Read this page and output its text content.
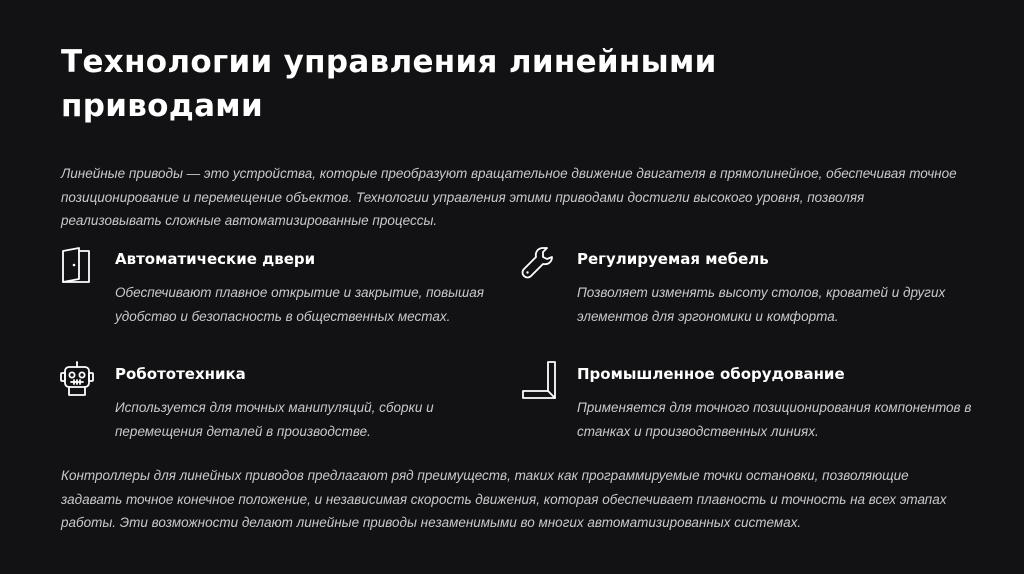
Технологии управления линейными приводами

Линейные приводы — это устройства, которые преобразуют вращательное движение двигателя в прямолинейное, обеспечивая точное позиционирование и перемещение объектов. Технологии управления этими приводами достигли высокого уровня, позволяя реализовывать сложные автоматизированные процессы.

Автоматические двери
Обеспечивают плавное открытие и закрытие, повышая удобство и безопасность в общественных местах.
Регулируемая мебель
Позволяет изменять высоту столов, кроватей и других элементов для эргономики и комфорта.
Робототехника
Используется для точных манипуляций, сборки и перемещения деталей в производстве.
Промышленное оборудование
Применяется для точного позиционирования компонентов в станках и производственных линиях.

Контроллеры для линейных приводов предлагают ряд преимуществ, таких как программируемые точки остановки, позволяющие задавать точное конечное положение, и независимая скорость движения, которая обеспечивает плавность и точность на всех этапах работы. Эти возможности делают линейные приводы незаменимыми во многих автоматизированных системах.
